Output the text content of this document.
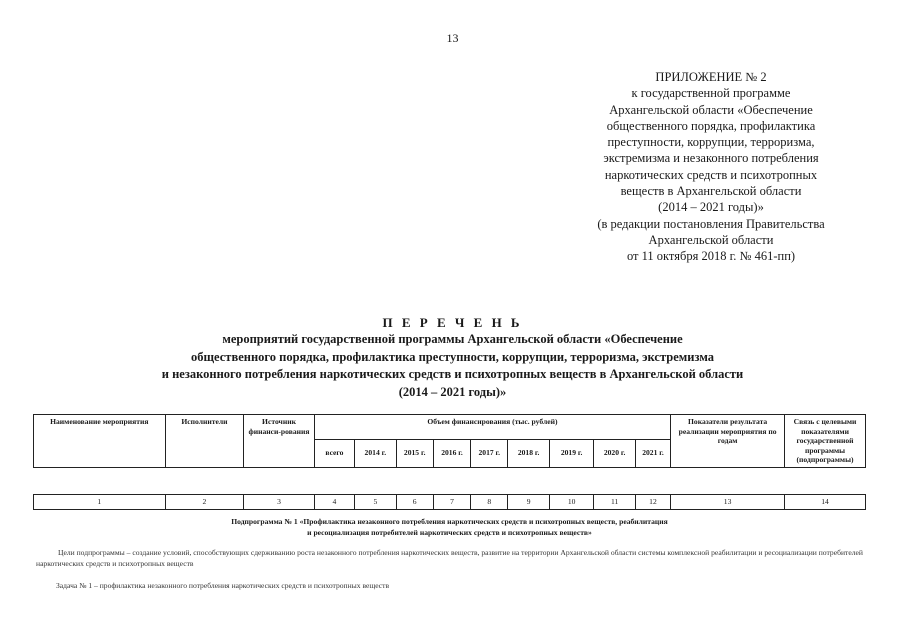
13
ПРИЛОЖЕНИЕ № 2
к государственной программе
Архангельской области «Обеспечение
общественного порядка, профилактика
преступности, коррупции, терроризма,
экстремизма и незаконного потребления
наркотических средств и психотропных
веществ в Архангельской области
(2014 – 2021 годы)»
(в редакции постановления Правительства
Архангельской области
от 11 октября 2018 г. № 461-пп)
П Е Р Е Ч Е Н Ь
мероприятий государственной программы Архангельской области «Обеспечение
общественного порядка, профилактика преступности, коррупции, терроризма, экстремизма
и незаконного потребления наркотических средств и психотропных веществ в Архангельской области
(2014 – 2021 годы)»
Наименование мероприятия	Исполнители	Источник финанси-рования	Объем финансирования (тыс. рублей)									Показатели результата реализации мероприятия по годам	Связь с целевыми показателями государственной программы (подпрограммы)
			всего	2014 г.	2015 г.	2016 г.	2017 г.	2018 г.	2019 г.	2020 г.	2021 г.		

1	2	3	4	5	6	7	8	9	10	11	12	13	14
Подпрограмма № 1 «Профилактика незаконного потребления наркотических средств и психотропных веществ, реабилитация
и ресоциализация потребителей наркотических средств и психотропных веществ»
Цели подпрограммы – создание условий, способствующих сдерживанию роста незаконного потребления наркотических веществ, развитие на территории Архангельской области системы комплексной реабилитации и ресоциализации потребителей наркотических средств и психотропных веществ
Задача № 1 – профилактика незаконного потребления наркотических средств и психотропных веществ
